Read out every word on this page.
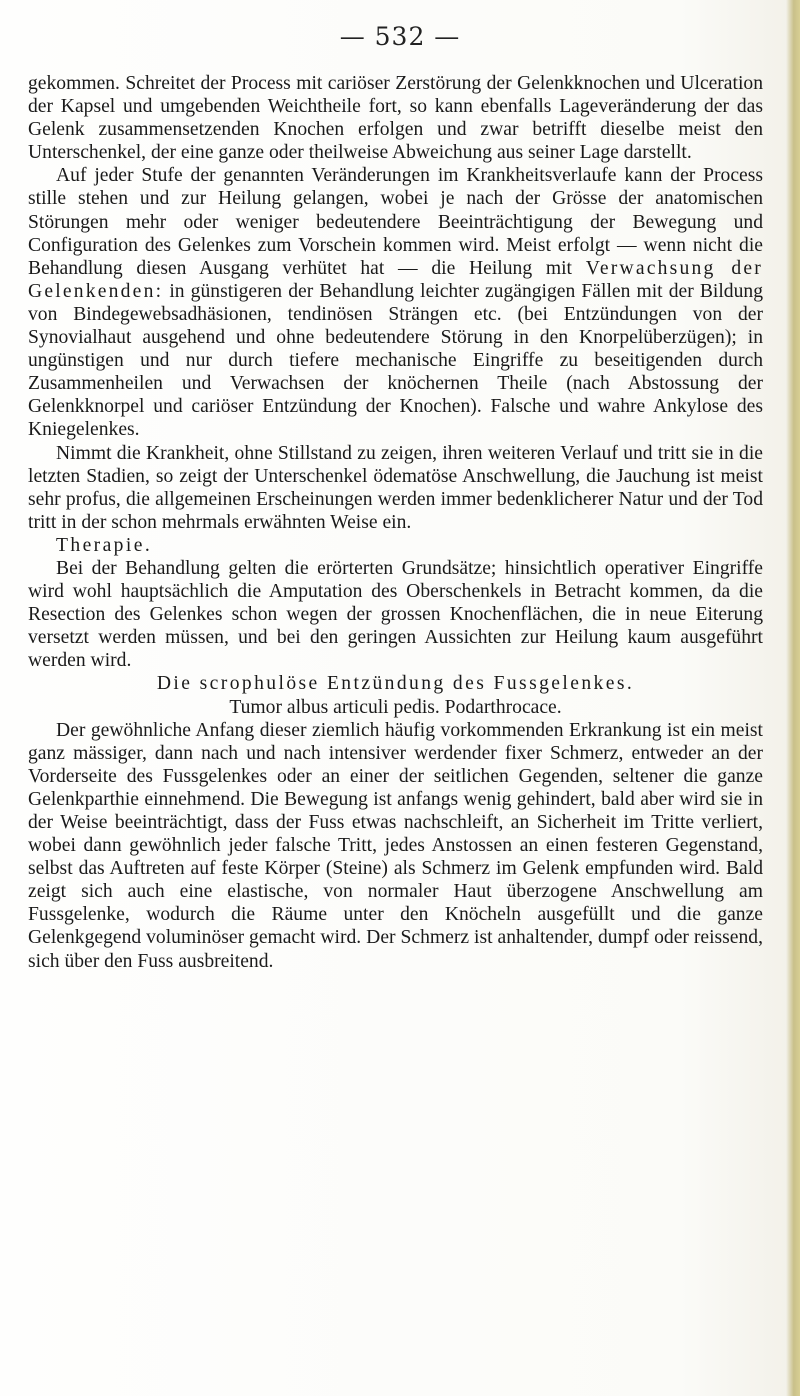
— 532 —

gekommen. Schreitet der Process mit cariöser Zerstörung der Gelenkknochen und Ulceration der Kapsel und umgebenden Weichtheile fort, so kann ebenfalls Lageveränderung der das Gelenk zusammensetzenden Knochen erfolgen und zwar betrifft dieselbe meist den Unterschenkel, der eine ganze oder theilweise Abweichung aus seiner Lage darstellt.

Auf jeder Stufe der genannten Veränderungen im Krankheitsverlaufe kann der Process stille stehen und zur Heilung gelangen, wobei je nach der Grösse der anatomischen Störungen mehr oder weniger bedeutendere Beeinträchtigung der Bewegung und Configuration des Gelenkes zum Vorschein kommen wird. Meist erfolgt — wenn nicht die Behandlung diesen Ausgang verhütet hat — die Heilung mit Verwachsung der Gelenkenden: in günstigeren der Behandlung leichter zugängigen Fällen mit der Bildung von Bindegewebsadhäsionen, tendinösen Strängen etc. (bei Entzündungen von der Synovialhaut ausgehend und ohne bedeutendere Störung in den Knorpelüberzügen); in ungünstigen und nur durch tiefere mechanische Eingriffe zu beseitigenden durch Zusammenheilen und Verwachsen der knöchernen Theile (nach Abstossung der Gelenkknorpel und cariöser Entzündung der Knochen). Falsche und wahre Ankylose des Kniegelenkes.

Nimmt die Krankheit, ohne Stillstand zu zeigen, ihren weiteren Verlauf und tritt sie in die letzten Stadien, so zeigt der Unterschenkel ödematöse Anschwellung, die Jauchung ist meist sehr profus, die allgemeinen Erscheinungen werden immer bedenklicherer Natur und der Tod tritt in der schon mehrmals erwähnten Weise ein.

Therapie.

Bei der Behandlung gelten die erörterten Grundsätze; hinsichtlich operativer Eingriffe wird wohl hauptsächlich die Amputation des Oberschenkels in Betracht kommen, da die Resection des Gelenkes schon wegen der grossen Knochenflächen, die in neue Eiterung versetzt werden müssen, und bei den geringen Aussichten zur Heilung kaum ausgeführt werden wird.

Die scrophulöse Entzündung des Fussgelenkes.

Tumor albus articuli pedis. Podarthrocace.

Der gewöhnliche Anfang dieser ziemlich häufig vorkommenden Erkrankung ist ein meist ganz mässiger, dann nach und nach intensiver werdender fixer Schmerz, entweder an der Vorderseite des Fussgelenkes oder an einer der seitlichen Gegenden, seltener die ganze Gelenkparthie einnehmend. Die Bewegung ist anfangs wenig gehindert, bald aber wird sie in der Weise beeinträchtigt, dass der Fuss etwas nachschleift, an Sicherheit im Tritte verliert, wobei dann gewöhnlich jeder falsche Tritt, jedes Anstossen an einen festeren Gegenstand, selbst das Auftreten auf feste Körper (Steine) als Schmerz im Gelenk empfunden wird. Bald zeigt sich auch eine elastische, von normaler Haut überzogene Anschwellung am Fussgelenke, wodurch die Räume unter den Knöcheln ausgefüllt und die ganze Gelenkgegend voluminöser gemacht wird. Der Schmerz ist anhaltender, dumpf oder reissend, sich über den Fuss ausbreitend.
